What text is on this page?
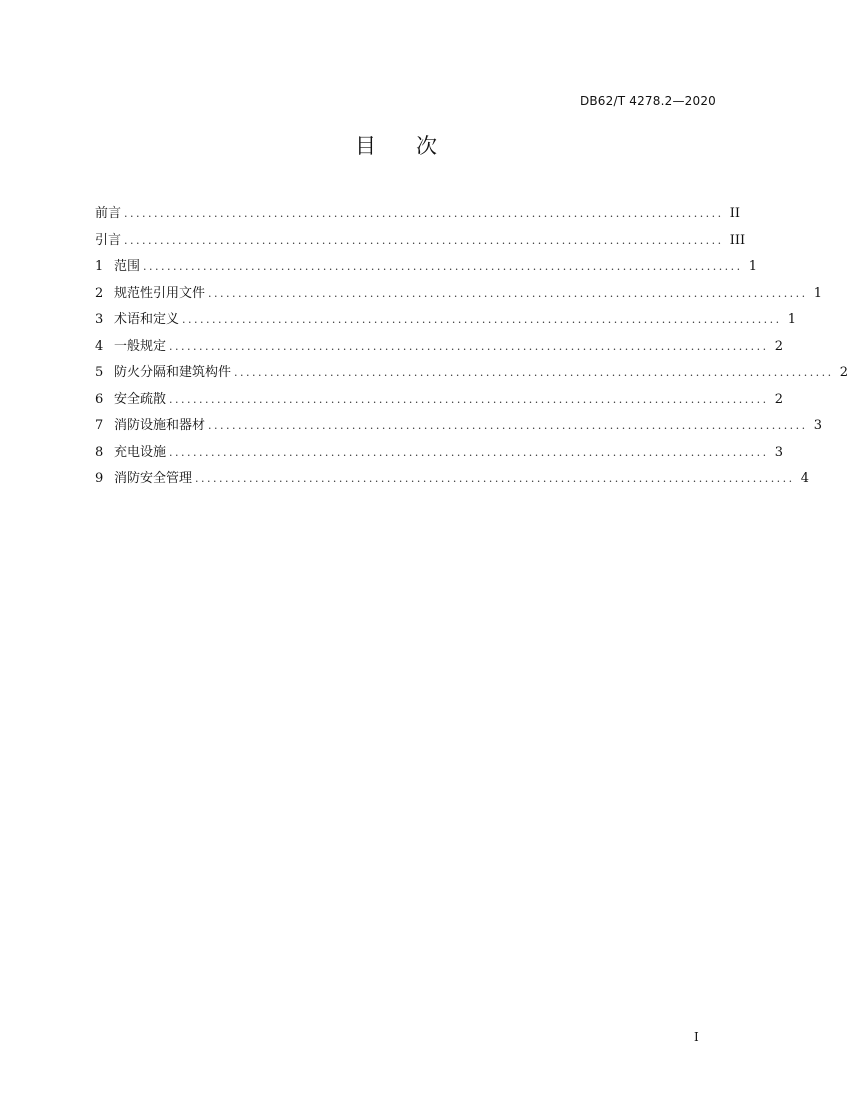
DB62/T 4278.2—2020
目 次
前言 .................................................................................................... II
引言 .................................................................................................... III
1 范围 .................................................................................................... 1
2 规范性引用文件 .................................................................................................... 1
3 术语和定义 .................................................................................................... 1
4 一般规定 .................................................................................................... 2
5 防火分隔和建筑构件 .................................................................................................... 2
6 安全疏散 .................................................................................................... 2
7 消防设施和器材 .................................................................................................... 3
8 充电设施 .................................................................................................... 3
9 消防安全管理 .................................................................................................... 4
I
